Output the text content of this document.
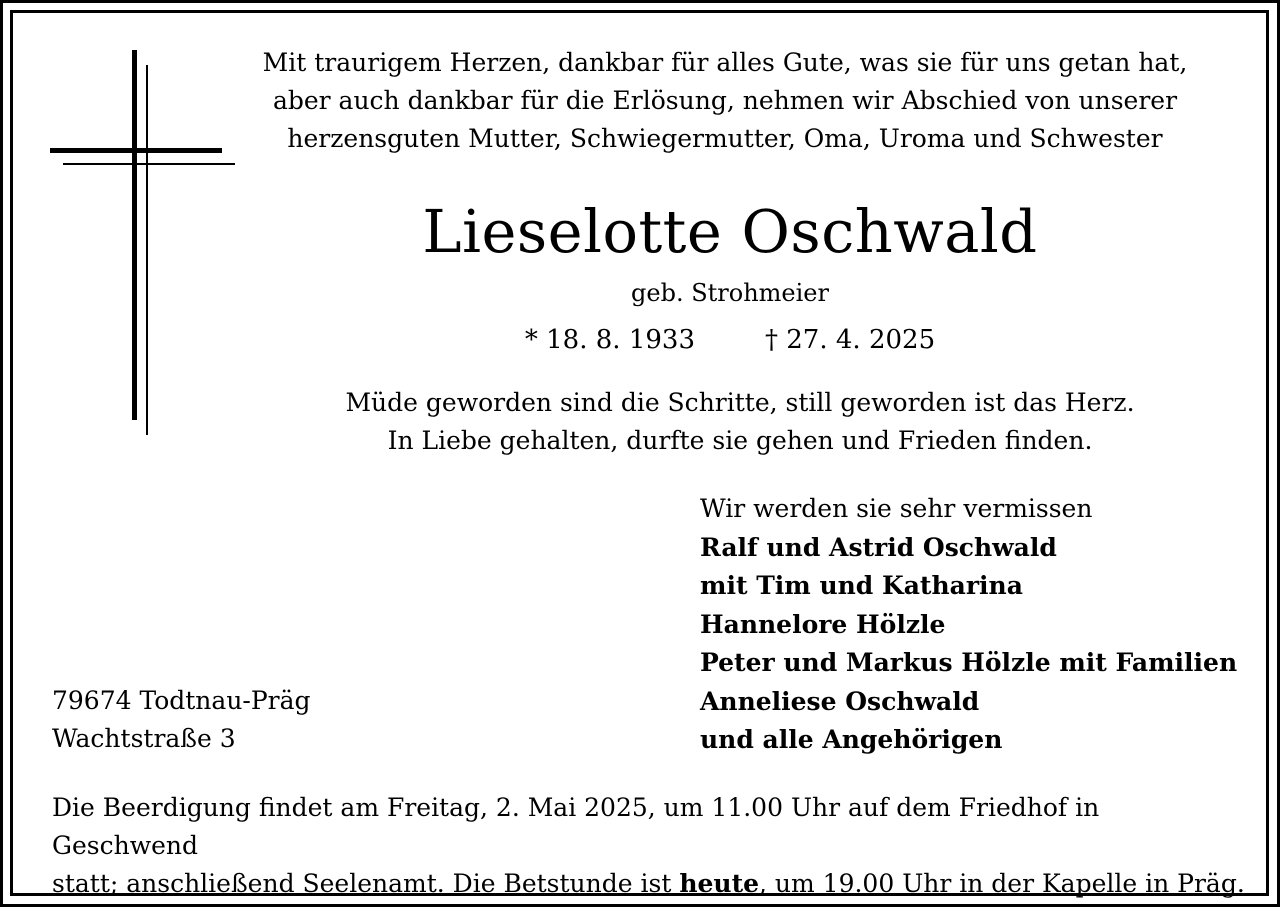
Mit traurigem Herzen, dankbar für alles Gute, was sie für uns getan hat,
aber auch dankbar für die Erlösung, nehmen wir Abschied von unserer
herzensguten Mutter, Schwiegermutter, Oma, Uroma und Schwester
Lieselotte Oschwald
geb. Strohmeier
* 18. 8. 1933	† 27. 4. 2025
Müde geworden sind die Schritte, still geworden ist das Herz.
In Liebe gehalten, durfte sie gehen und Frieden finden.
Wir werden sie sehr vermissen
Ralf und Astrid Oschwald
mit Tim und Katharina
Hannelore Hölzle
Peter und Markus Hölzle mit Familien
Anneliese Oschwald
und alle Angehörigen
79674 Todtnau-Präg
Wachtstraße 3
Die Beerdigung findet am Freitag, 2. Mai 2025, um 11.00 Uhr auf dem Friedhof in Geschwend
statt; anschließend Seelenamt. Die Betstunde ist heute, um 19.00 Uhr in der Kapelle in Präg.
